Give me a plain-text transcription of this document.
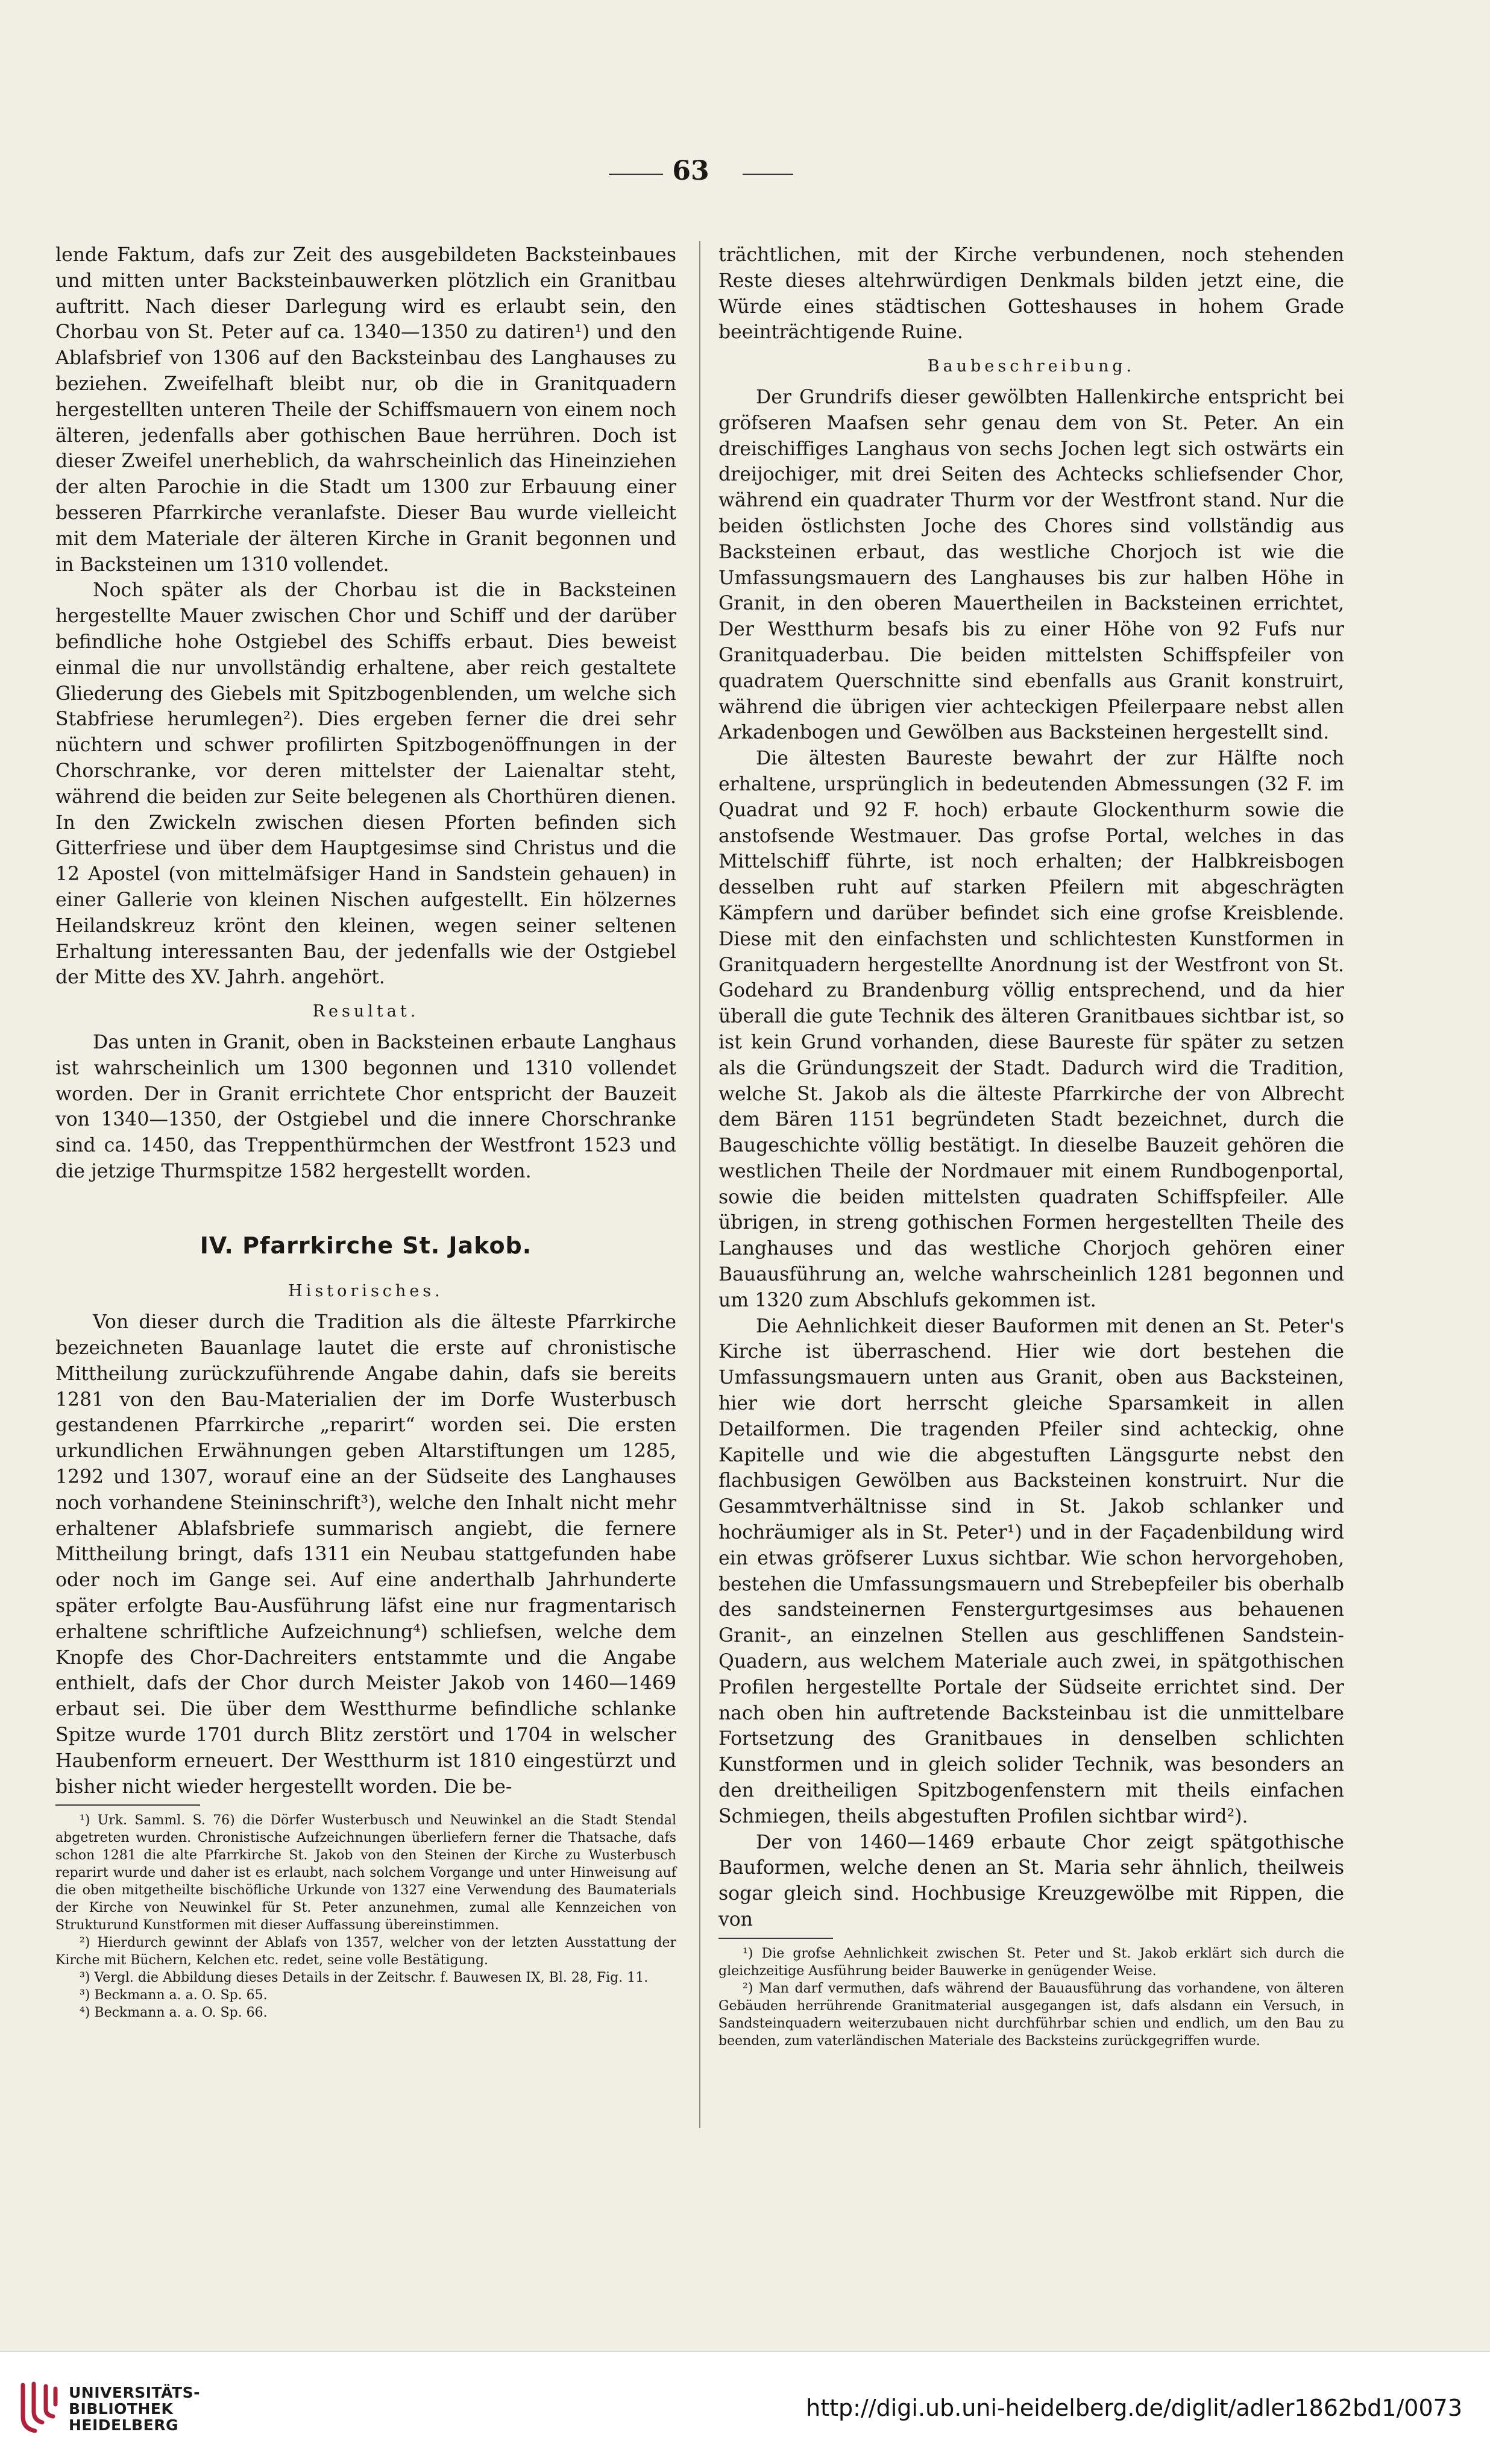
63

lende Faktum, dafs zur Zeit des ausgebildeten Backsteinbaues und mitten unter Backsteinbauwerken plötzlich ein Granitbau auftritt. Nach dieser Darlegung wird es erlaubt sein, den Chorbau von St. Peter auf ca. 1340—1350 zu datiren¹) und den Ablafsbrief von 1306 auf den Backsteinbau des Langhauses zu beziehen. Zweifelhaft bleibt nur, ob die in Granitquadern hergestellten unteren Theile der Schiffsmauern von einem noch älteren, jedenfalls aber gothischen Baue herrühren. Doch ist dieser Zweifel unerheblich, da wahrscheinlich das Hineinziehen der alten Parochie in die Stadt um 1300 zur Erbauung einer besseren Pfarrkirche veranlafste. Dieser Bau wurde vielleicht mit dem Materiale der älteren Kirche in Granit begonnen und in Backsteinen um 1310 vollendet.

Noch später als der Chorbau ist die in Backsteinen hergestellte Mauer zwischen Chor und Schiff und der darüber befindliche hohe Ostgiebel des Schiffs erbaut. Dies beweist einmal die nur unvollständig erhaltene, aber reich gestaltete Gliederung des Giebels mit Spitzbogenblenden, um welche sich Stabfriese herumlegen²). Dies ergeben ferner die drei sehr nüchtern und schwer profilirten Spitzbogenöffnungen in der Chorschranke, vor deren mittelster der Laienaltar steht, während die beiden zur Seite belegenen als Chorthüren dienen. In den Zwickeln zwischen diesen Pforten befinden sich Gitterfriese und über dem Hauptgesimse sind Christus und die 12 Apostel (von mittelmäfsiger Hand in Sandstein gehauen) in einer Gallerie von kleinen Nischen aufgestellt. Ein hölzernes Heilandskreuz krönt den kleinen, wegen seiner seltenen Erhaltung interessanten Bau, der jedenfalls wie der Ostgiebel der Mitte des XV. Jahrh. angehört.

Resultat.

Das unten in Granit, oben in Backsteinen erbaute Langhaus ist wahrscheinlich um 1300 begonnen und 1310 vollendet worden. Der in Granit errichtete Chor entspricht der Bauzeit von 1340—1350, der Ostgiebel und die innere Chorschranke sind ca. 1450, das Treppenthürmchen der Westfront 1523 und die jetzige Thurmspitze 1582 hergestellt worden.

IV. Pfarrkirche St. Jakob.
Historisches.

Von dieser durch die Tradition als die älteste Pfarrkirche bezeichneten Bauanlage lautet die erste auf chronistische Mittheilung zurückzuführende Angabe dahin, dafs sie bereits 1281 von den Bau-Materialien der im Dorfe Wusterbusch gestandenen Pfarrkirche „reparirt“ worden sei. Die ersten urkundlichen Erwähnungen geben Altarstiftungen um 1285, 1292 und 1307, worauf eine an der Südseite des Langhauses noch vorhandene Steininschrift³), welche den Inhalt nicht mehr erhaltener Ablafsbriefe summarisch angiebt, die fernere Mittheilung bringt, dafs 1311 ein Neubau stattgefunden habe oder noch im Gange sei. Auf eine anderthalb Jahrhunderte später erfolgte Bau-Ausführung läfst eine nur fragmentarisch erhaltene schriftliche Aufzeichnung⁴) schliefsen, welche dem Knopfe des Chor-Dachreiters entstammte und die Angabe enthielt, dafs der Chor durch Meister Jakob von 1460—1469 erbaut sei. Die über dem Westthurme befindliche schlanke Spitze wurde 1701 durch Blitz zerstört und 1704 in welscher Haubenform erneuert. Der Westthurm ist 1810 eingestürzt und bisher nicht wieder hergestellt worden. Die be-

¹) Urk. Samml. S. 76) die Dörfer Wusterbusch und Neuwinkel an die Stadt Stendal abgetreten wurden. Chronistische Aufzeichnungen überliefern ferner die Thatsache, dafs schon 1281 die alte Pfarrkirche St. Jakob von den Steinen der Kirche zu Wusterbusch reparirt wurde und daher ist es erlaubt, nach solchem Vorgange und unter Hinweisung auf die oben mitgetheilte bischöfliche Urkunde von 1327 eine Verwendung des Baumaterials der Kirche von Neuwinkel für St. Peter anzunehmen, zumal alle Kennzeichen von Strukturund Kunstformen mit dieser Auffassung übereinstimmen.

²) Hierdurch gewinnt der Ablafs von 1357, welcher von der letzten Ausstattung der Kirche mit Büchern, Kelchen etc. redet, seine volle Bestätigung.

³) Vergl. die Abbildung dieses Details in der Zeitschr. f. Bauwesen IX, Bl. 28, Fig. 11.

³) Beckmann a. a. O. Sp. 65.

⁴) Beckmann a. a. O. Sp. 66.

trächtlichen, mit der Kirche verbundenen, noch stehenden Reste dieses altehrwürdigen Denkmals bilden jetzt eine, die Würde eines städtischen Gotteshauses in hohem Grade beeinträchtigende Ruine.

Baubeschreibung.

Der Grundrifs dieser gewölbten Hallenkirche entspricht bei gröfseren Maafsen sehr genau dem von St. Peter. An ein dreischiffiges Langhaus von sechs Jochen legt sich ostwärts ein dreijochiger, mit drei Seiten des Achtecks schliefsender Chor, während ein quadrater Thurm vor der Westfront stand. Nur die beiden östlichsten Joche des Chores sind vollständig aus Backsteinen erbaut, das westliche Chorjoch ist wie die Umfassungsmauern des Langhauses bis zur halben Höhe in Granit, in den oberen Mauertheilen in Backsteinen errichtet, Der Westthurm besafs bis zu einer Höhe von 92 Fufs nur Granitquaderbau. Die beiden mittelsten Schiffspfeiler von quadratem Querschnitte sind ebenfalls aus Granit konstruirt, während die übrigen vier achteckigen Pfeilerpaare nebst allen Arkadenbogen und Gewölben aus Backsteinen hergestellt sind.

Die ältesten Baureste bewahrt der zur Hälfte noch erhaltene, ursprünglich in bedeutenden Abmessungen (32 F. im Quadrat und 92 F. hoch) erbaute Glockenthurm sowie die anstofsende Westmauer. Das grofse Portal, welches in das Mittelschiff führte, ist noch erhalten; der Halbkreisbogen desselben ruht auf starken Pfeilern mit abgeschrägten Kämpfern und darüber befindet sich eine grofse Kreisblende. Diese mit den einfachsten und schlichtesten Kunstformen in Granitquadern hergestellte Anordnung ist der Westfront von St. Godehard zu Brandenburg völlig entsprechend, und da hier überall die gute Technik des älteren Granitbaues sichtbar ist, so ist kein Grund vorhanden, diese Baureste für später zu setzen als die Gründungszeit der Stadt. Dadurch wird die Tradition, welche St. Jakob als die älteste Pfarrkirche der von Albrecht dem Bären 1151 begründeten Stadt bezeichnet, durch die Baugeschichte völlig bestätigt. In dieselbe Bauzeit gehören die westlichen Theile der Nordmauer mit einem Rundbogenportal, sowie die beiden mittelsten quadraten Schiffspfeiler. Alle übrigen, in streng gothischen Formen hergestellten Theile des Langhauses und das westliche Chorjoch gehören einer Bauausführung an, welche wahrscheinlich 1281 begonnen und um 1320 zum Abschlufs gekommen ist.

Die Aehnlichkeit dieser Bauformen mit denen an St. Peter's Kirche ist überraschend. Hier wie dort bestehen die Umfassungsmauern unten aus Granit, oben aus Backsteinen, hier wie dort herrscht gleiche Sparsamkeit in allen Detailformen. Die tragenden Pfeiler sind achteckig, ohne Kapitelle und wie die abgestuften Längsgurte nebst den flachbusigen Gewölben aus Backsteinen konstruirt. Nur die Gesammtverhältnisse sind in St. Jakob schlanker und hochräumiger als in St. Peter¹) und in der Façadenbildung wird ein etwas gröfserer Luxus sichtbar. Wie schon hervorgehoben, bestehen die Umfassungsmauern und Strebepfeiler bis oberhalb des sandsteinernen Fenstergurtgesimses aus behauenen Granit-, an einzelnen Stellen aus geschliffenen Sandstein-Quadern, aus welchem Materiale auch zwei, in spätgothischen Profilen hergestellte Portale der Südseite errichtet sind. Der nach oben hin auftretende Backsteinbau ist die unmittelbare Fortsetzung des Granitbaues in denselben schlichten Kunstformen und in gleich solider Technik, was besonders an den dreitheiligen Spitzbogenfenstern mit theils einfachen Schmiegen, theils abgestuften Profilen sichtbar wird²).

Der von 1460—1469 erbaute Chor zeigt spätgothische Bauformen, welche denen an St. Maria sehr ähnlich, theilweis sogar gleich sind. Hochbusige Kreuzgewölbe mit Rippen, die von

¹) Die grofse Aehnlichkeit zwischen St. Peter und St. Jakob erklärt sich durch die gleichzeitige Ausführung beider Bauwerke in genügender Weise.

²) Man darf vermuthen, dafs während der Bauausführung das vorhandene, von älteren Gebäuden herrührende Granitmaterial ausgegangen ist, dafs alsdann ein Versuch, in Sandsteinquadern weiterzubauen nicht durchführbar schien und endlich, um den Bau zu beenden, zum vaterländischen Materiale des Backsteins zurückgegriffen wurde.

UNIVERSITÄTS-
BIBLIOTHEK
HEIDELBERG
http://digi.ub.uni-heidelberg.de/diglit/adler1862bd1/0073
